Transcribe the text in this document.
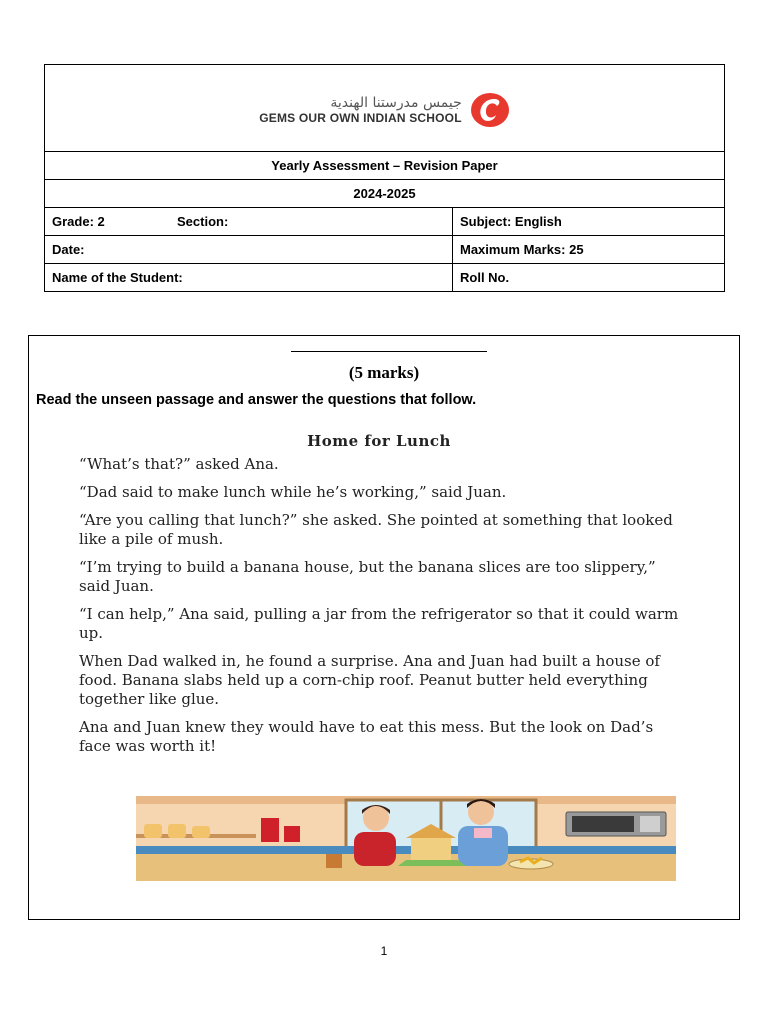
جيمس مدرستنا الهندية
GEMS OUR OWN INDIAN SCHOOL	

Yearly Assessment – Revision Paper	
2024-2025	

Grade: 2 Section:	Subject: English
Date:	Maximum Marks: 25
Name of the Student:	Roll No.
(5 marks)
Read the unseen passage and answer the questions that follow.
Home for Lunch

“What’s that?” asked Ana.

“Dad said to make lunch while he’s working,” said Juan.

“Are you calling that lunch?” she asked. She pointed at something that looked like a pile of mush.

“I’m trying to build a banana house, but the banana slices are too slippery,” said Juan.

“I can help,” Ana said, pulling a jar from the refrigerator so that it could warm up.

When Dad walked in, he found a surprise. Ana and Juan had built a house of food. Banana slabs held up a corn-chip roof. Peanut butter held everything together like glue.

Ana and Juan knew they would have to eat this mess. But the look on Dad’s face was worth it!

1
